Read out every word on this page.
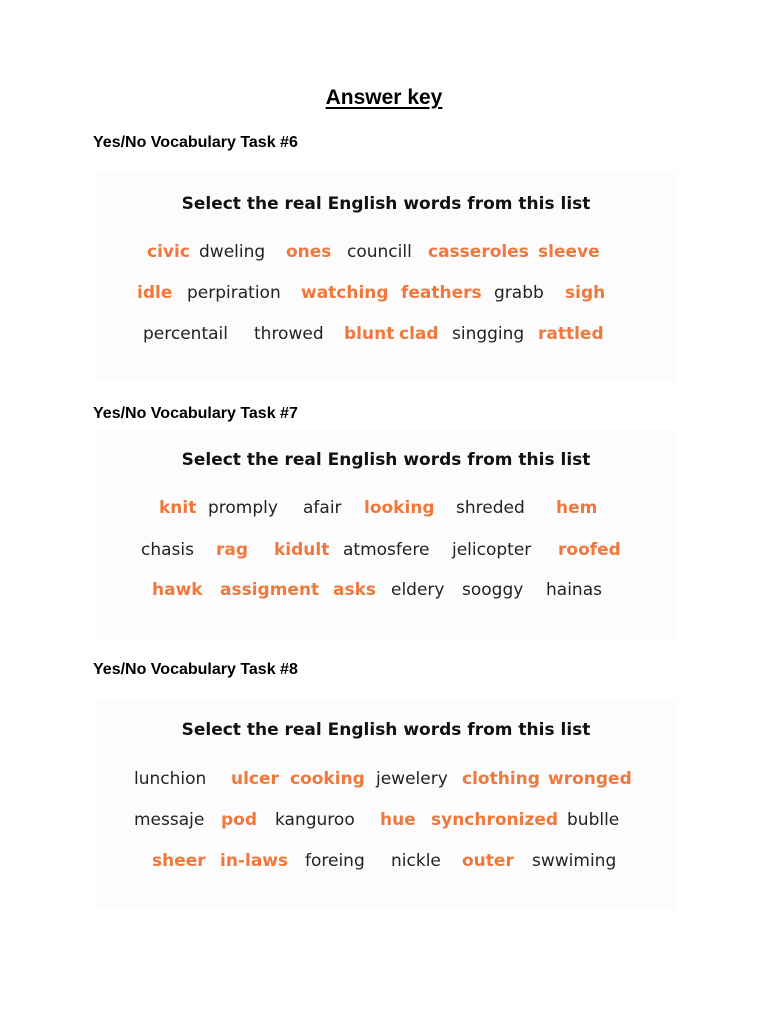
Answer key
Yes/No Vocabulary Task #6
Select the real English words from this list
civic dweling ones councill casseroles sleeve
idle perpiration watching feathers grabb sigh
percentail throwed blunt clad singging rattled
Yes/No Vocabulary Task #7
Select the real English words from this list
knit promply afair looking shreded hem
chasis rag kidult atmosfere jelicopter roofed
hawk assigment asks eldery sooggy hainas
Yes/No Vocabulary Task #8
Select the real English words from this list
lunchion ulcer cooking jewelery clothing wronged
messaje pod kanguroo hue synchronized bublle
sheer in-laws foreing nickle outer swwiming
